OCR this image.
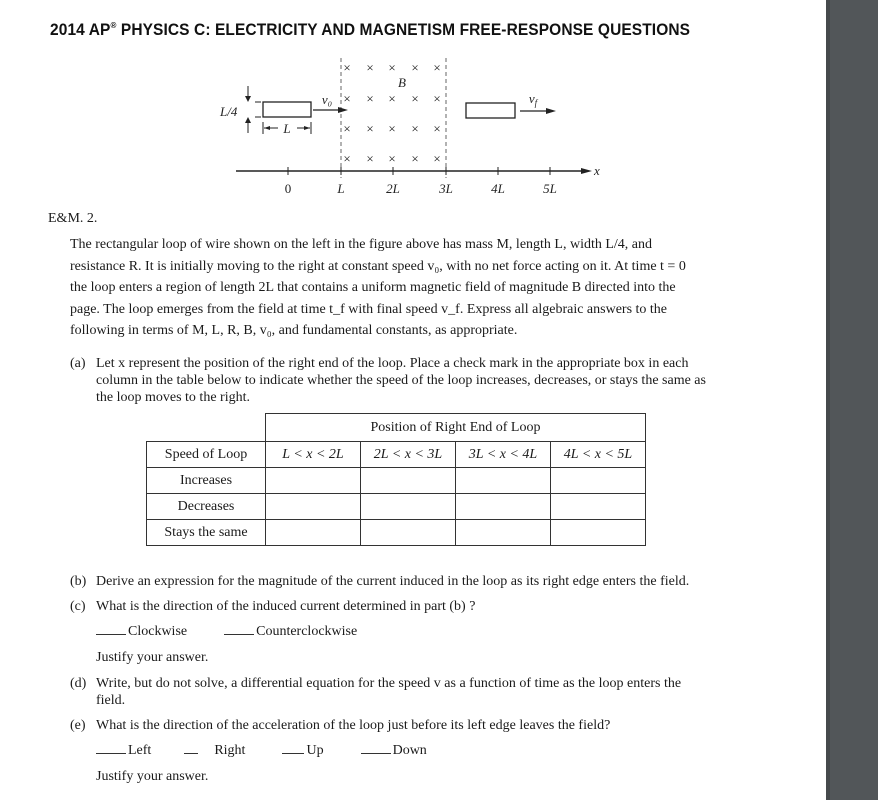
2014 AP® PHYSICS C: ELECTRICITY AND MAGNETISM FREE-RESPONSE QUESTIONS
× × × × ×
× × × × ×
× × × × ×
× × × × ×
B
L/4
L
v₀	$v_f$
x
0	L	2L	3L	4L	5L
E&M. 2.
The rectangular loop of wire shown on the left in the figure above has mass M, length L, width L/4, and
resistance R. It is initially moving to the right at constant speed v₀, with no net force acting on it. At time t = 0
the loop enters a region of length 2L that contains a uniform magnetic field of magnitude B directed into the
page. The loop emerges from the field at time t_f with final speed v_f. Express all algebraic answers to the
following in terms of M, L, R, B, v₀, and fundamental constants, as appropriate.
(a) Let x represent the position of the right end of the loop. Place a check mark in the appropriate box in each
column in the table below to indicate whether the speed of the loop increases, decreases, or stays the same as
the loop moves to the right.
	Position of Right End of Loop			
Speed of Loop	L < x < 2L	2L < x < 3L	3L < x < 4L	4L < x < 5L
Increases				
Decreases				
Stays the same				
(b) Derive an expression for the magnitude of the current induced in the loop as its right edge enters the field.
(c) What is the direction of the induced current determined in part (b) ?
Clockwise	Counterclockwise
Justify your answer.
(d) Write, but do not solve, a differential equation for the speed v as a function of time as the loop enters the
field.
(e) What is the direction of the acceleration of the loop just before its left edge leaves the field?
Left	Right	Up	Down
Justify your answer.
